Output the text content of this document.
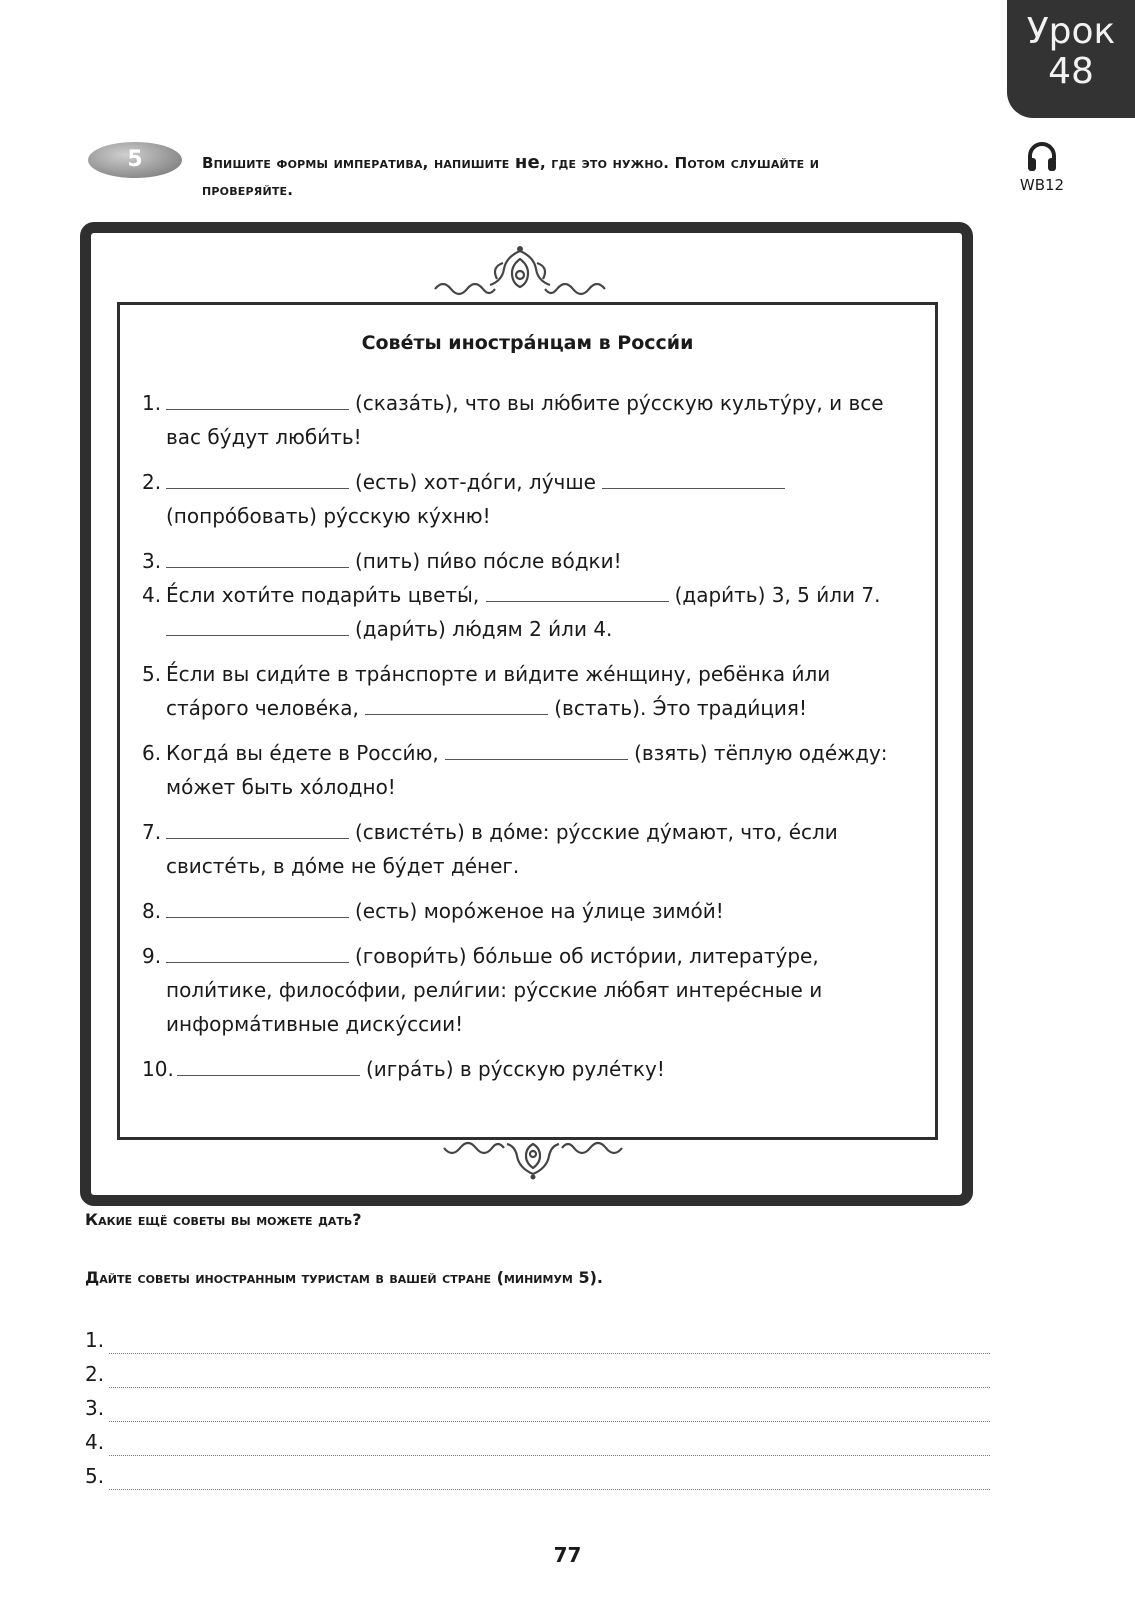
Урок
48
5	Впишите формы императива, напишите не, где это нужно. Потом слушайте и проверяйте.	WB12
Сове́ты иностра́нцам в Росси́и
1.	(сказа́ть), что вы лю́бите ру́сскую культу́ру, и все
вас бу́дут люби́ть!
2.	(есть) хот-до́ги, лу́чше
(попро́бовать) ру́сскую ку́хню!
3.	(пить) пи́во по́сле во́дки!
4. Е́сли хоти́те подари́ть цветы́,	(дари́ть) 3, 5 и́ли 7.
(дари́ть) лю́дям 2 и́ли 4.
5. Е́сли вы сиди́те в тра́нспорте и ви́дите же́нщину, ребёнка и́ли
ста́рого челове́ка,	(встать). Э́то тради́ция!
6. Когда́ вы е́дете в Росси́ю,	(взять) тёплую оде́жду:
мо́жет быть хо́лодно!
7.	(свисте́ть) в до́ме: ру́сские ду́мают, что, е́сли
свисте́ть, в до́ме не бу́дет де́нег.
8.	(есть) моро́женое на у́лице зимо́й!
9.	(говори́ть) бо́льше об исто́рии, литерату́ре,
поли́тике, филосо́фии, рели́гии: ру́сские лю́бят интере́сные и
информа́тивные диску́ссии!
10.	(игра́ть) в ру́сскую руле́тку!
Какие ещё советы вы можете дать?
Дайте советы иностранным туристам в вашей стране (минимум 5).
1.
2.
3.
4.
5.
77
